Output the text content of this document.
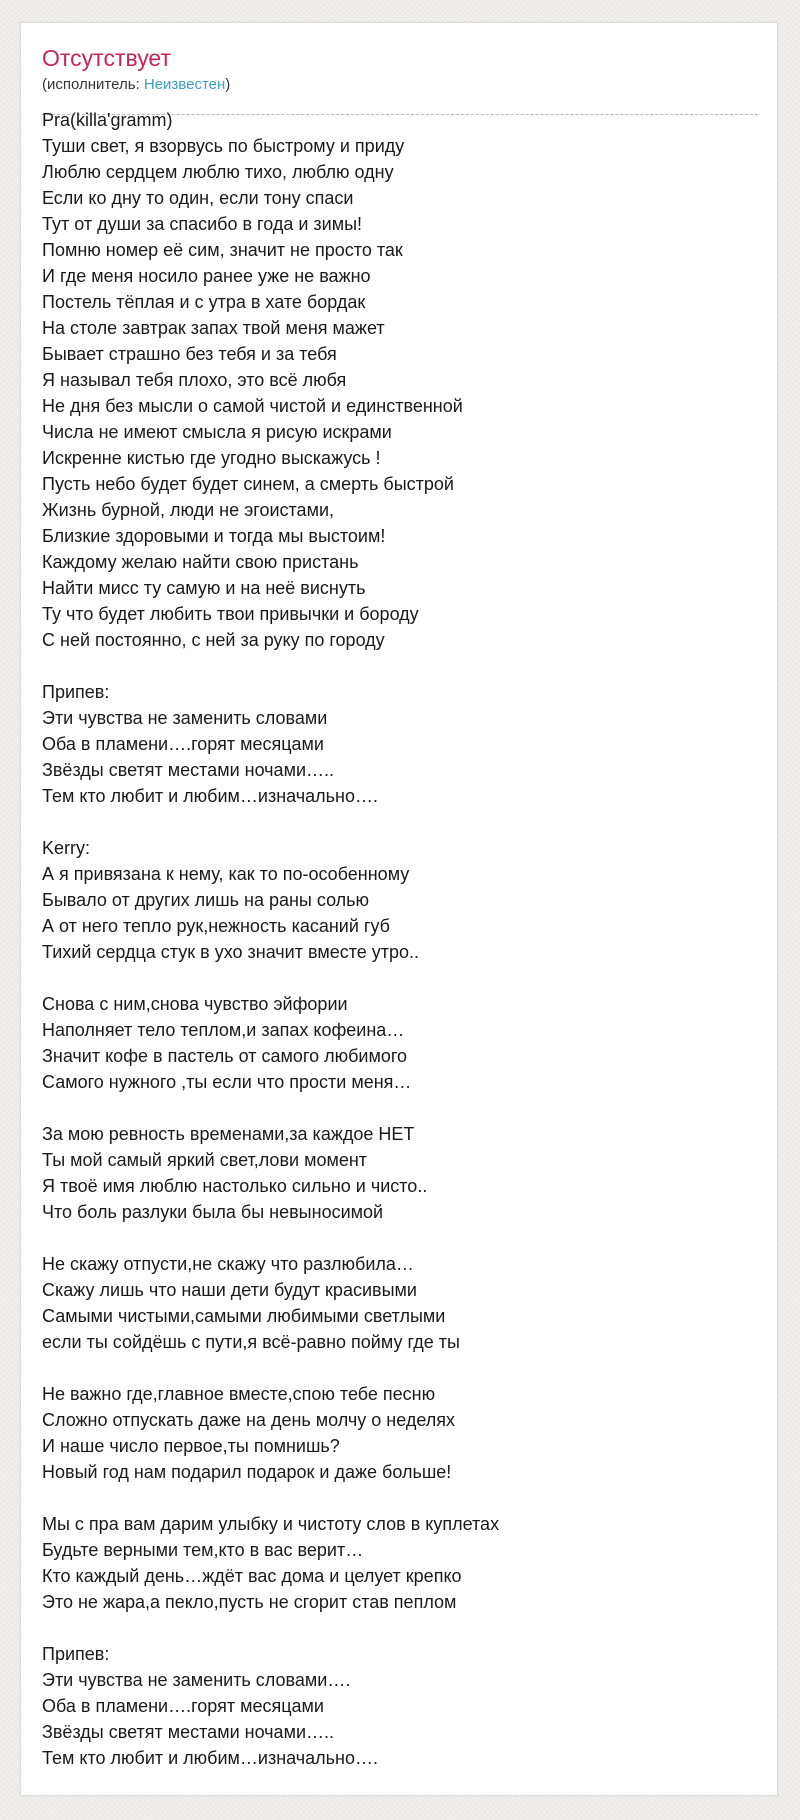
Отсутствует
(исполнитель: Неизвестен)
Pra(killa'gramm)
Туши свет, я взорвусь по быстрому и приду
Люблю сердцем люблю тихо, люблю одну
Если ко дну то один, если тону спаси
Тут от души за спасибо в года и зимы!
Помню номер её сим, значит не просто так
И где меня носило ранее уже не важно
Постель тёплая и с утра в хате бордак
На столе завтрак запах твой меня мажет
Бывает страшно без тебя и за тебя
Я называл тебя плохо, это всё любя
Не дня без мысли о самой чистой и единственной
Числа не имеют смысла я рисую искрами
Искренне кистью где угодно выскажусь !
Пусть небо будет будет синем, а смерть быстрой
Жизнь бурной, люди не эгоистами,
Близкие здоровыми и тогда мы выстоим!
Каждому желаю найти свою пристань
Найти мисс ту самую и на неё виснуть
Ту что будет любить твои привычки и бороду
С ней постоянно, с ней за руку по городу
Припев:
Эти чувства не заменить словами
Оба в пламени….горят месяцами
Звёзды светят местами ночами…..
Тем кто любит и любим…изначально….
Kerry:
А я привязана к нему, как то по-особенному
Бывало от других лишь на раны солью
А от него тепло рук,нежность касаний губ
Тихий сердца стук в ухо значит вместе утро..
Снова с ним,снова чувство эйфории
Наполняет тело теплом,и запах кофеина…
Значит кофе в пастель от самого любимого
Самого нужного ,ты если что прости меня…
За мою ревность временами,за каждое НЕТ
Ты мой самый яркий свет,лови момент
Я твоё имя люблю настолько сильно и чисто..
Что боль разлуки была бы невыносимой
Не скажу отпусти,не скажу что разлюбила…
Скажу лишь что наши дети будут красивыми
Самыми чистыми,самыми любимыми светлыми
если ты сойдёшь с пути,я всё-равно пойму где ты
Не важно где,главное вместе,спою тебе песню
Сложно отпускать даже на день молчу о неделях
И наше число первое,ты помнишь?
Новый год нам подарил подарок и даже больше!
Мы с пра вам дарим улыбку и чистоту слов в куплетах
Будьте верными тем,кто в вас верит…
Кто каждый день…ждёт вас дома и целует крепко
Это не жара,а пекло,пусть не сгорит став пеплом
Припев:
Эти чувства не заменить словами….
Оба в пламени….горят месяцами
Звёзды светят местами ночами…..
Тем кто любит и любим…изначально….
